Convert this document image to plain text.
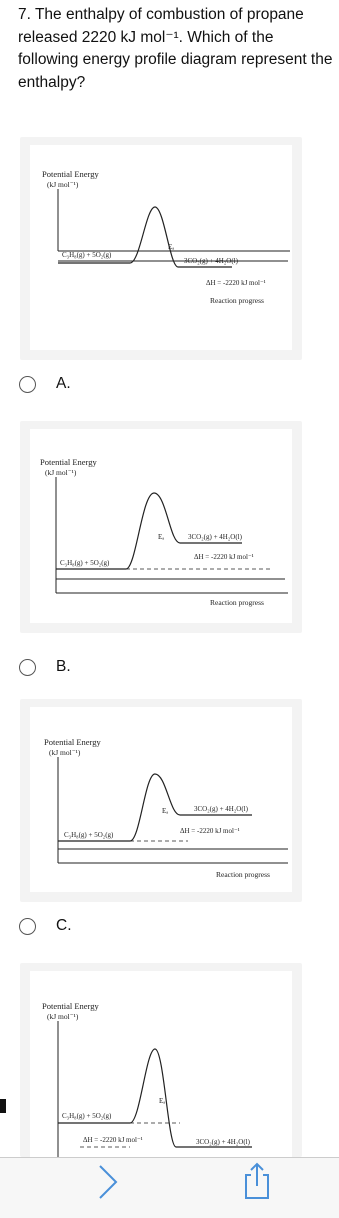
7. The enthalpy of combustion of propane released 2220 kJ mol⁻¹. Which of the following energy profile diagram represent the enthalpy?
Potential Energy
(kJ mol⁻¹)
C₃H₈(g) + 5O₂(g)
Eₐ
3CO₂(g) + 4H₂O(l)
ΔH = -2220 kJ mol⁻¹
Reaction progress
A.
Potential Energy
(kJ mol⁻¹)
C₃H₈(g) + 5O₂(g)
Eₐ	3CO₂(g) + 4H₂O(l)
ΔH = -2220 kJ mol⁻¹
Reaction progress
B.
Potential Energy
(kJ mol⁻¹)
C₃H₈(g) + 5O₂(g)
Eₐ	3CO₂(g) + 4H₂O(l)
ΔH = -2220 kJ mol⁻¹
Reaction progress
C.
Potential Energy
(kJ mol⁻¹)
C₃H₈(g) + 5O₂(g)
Eₐ
ΔH = -2220 kJ mol⁻¹	3CO₂(g) + 4H₂O(l)
